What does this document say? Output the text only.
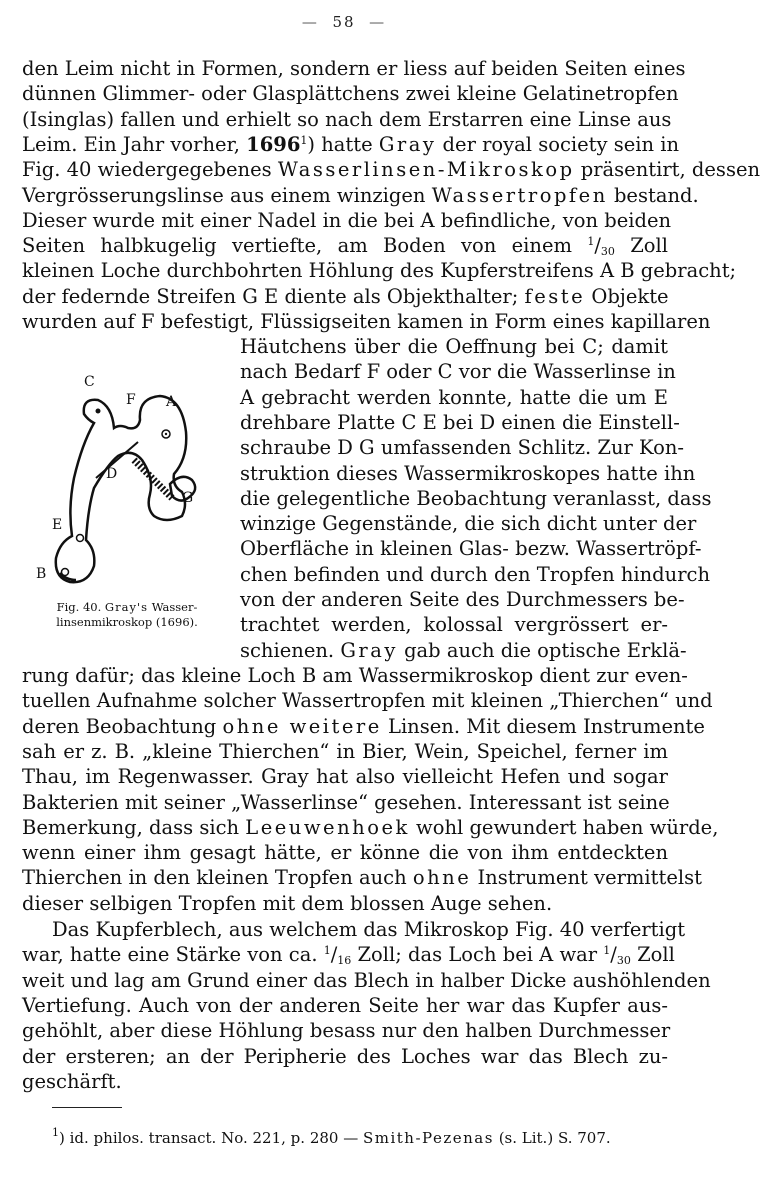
— 58 —
den Leim nicht in Formen, sondern er liess auf beiden Seiten eines
dünnen Glimmer- oder Glasplättchens zwei kleine Gelatinetropfen
(Isinglas) fallen und erhielt so nach dem Erstarren eine Linse aus
Leim. Ein Jahr vorher, 1696$^1$) hatte Gray der royal society sein in
Fig. 40 wiedergegebenes Wasserlinsen-Mikroskop präsentirt, dessen
Vergrösserungslinse aus einem winzigen Wassertropfen bestand.
Dieser wurde mit einer Nadel in die bei A befindliche, von beiden
Seiten halbkugelig vertiefte, am Boden von einem $^1/_{30}$ Zoll
kleinen Loche durchbohrten Höhlung des Kupferstreifens A B gebracht;
der federnde Streifen G E diente als Objekthalter; feste Objekte
wurden auf F befestigt, Flüssigseiten kamen in Form eines kapillaren
Häutchens über die Oeffnung bei C; damit
nach Bedarf F oder C vor die Wasserlinse in
A gebracht werden konnte, hatte die um E
drehbare Platte C E bei D einen die Einstell-
schraube D G umfassenden Schlitz. Zur Kon-
struktion dieses Wassermikroskopes hatte ihn
die gelegentliche Beobachtung veranlasst, dass
winzige Gegenstände, die sich dicht unter der
Oberfläche in kleinen Glas- bezw. Wassertröpf-
chen befinden und durch den Tropfen hindurch
von der anderen Seite des Durchmessers be-
trachtet werden, kolossal vergrössert er-
schienen. Gray gab auch die optische Erklä-
rung dafür; das kleine Loch B am Wassermikroskop dient zur even-
tuellen Aufnahme solcher Wassertropfen mit kleinen „Thierchen“ und
deren Beobachtung ohne weitere Linsen. Mit diesem Instrumente
sah er z. B. „kleine Thierchen“ in Bier, Wein, Speichel, ferner im
Thau, im Regenwasser. Gray hat also vielleicht Hefen und sogar
Bakterien mit seiner „Wasserlinse“ gesehen. Interessant ist seine
Bemerkung, dass sich Leeuwenhoek wohl gewundert haben würde,
wenn einer ihm gesagt hätte, er könne die von ihm entdeckten
Thierchen in den kleinen Tropfen auch ohne Instrument vermittelst
dieser selbigen Tropfen mit dem blossen Auge sehen.
Das Kupferblech, aus welchem das Mikroskop Fig. 40 verfertigt
war, hatte eine Stärke von ca. $^1/_{16}$ Zoll; das Loch bei A war $^1/_{30}$ Zoll
weit und lag am Grund einer das Blech in halber Dicke aushöhlenden
Vertiefung. Auch von der anderen Seite her war das Kupfer aus-
gehöhlt, aber diese Höhlung besass nur den halben Durchmesser
der ersteren; an der Peripherie des Loches war das Blech zu-
geschärft.
C
F A
D
G
E
B
Fig. 40. Gray's Wasser-
linsenmikroskop (1696).
$^1$) id. philos. transact. No. 221, p. 280 — Smith-Pezenas (s. Lit.) S. 707.
